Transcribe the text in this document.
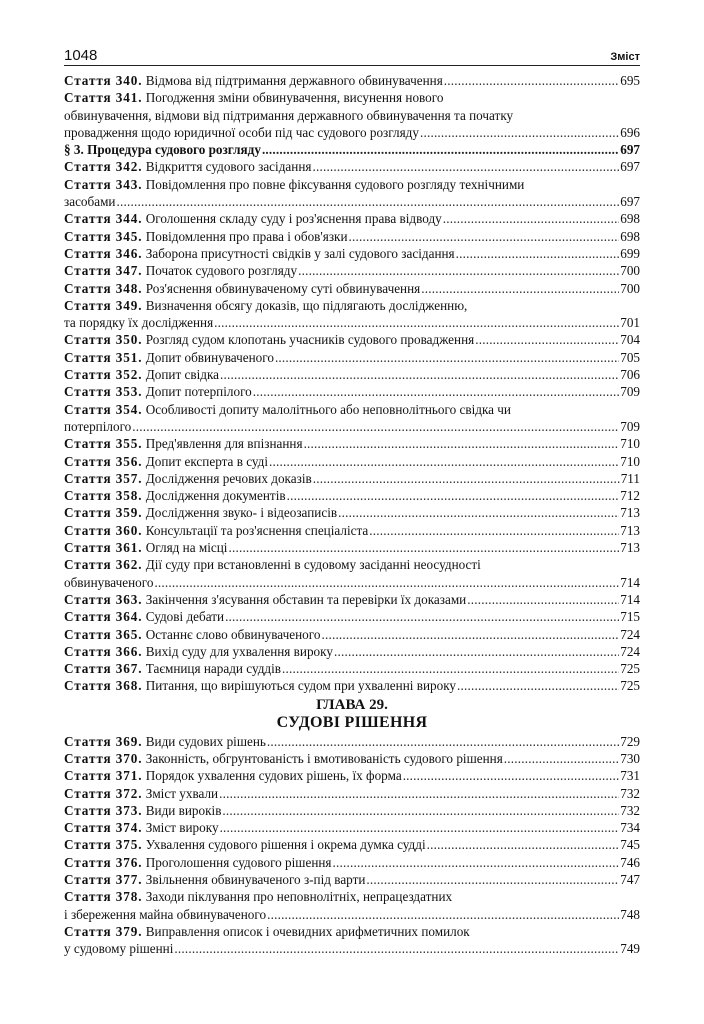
1048	Зміст
Стаття 340. Відмова від підтримання державного обвинувачення .....	695
Стаття 341. Погодження зміни обвинувачення, висунення нового
обвинувачення, відмови від підтримання державного обвинувачення та початку
провадження щодо юридичної особи під час судового розгляду .....	696
§ 3. Процедура судового розгляду .....	697
Стаття 342. Відкриття судового засідання .....	697
Стаття 343. Повідомлення про повне фіксування судового розгляду технічними
засобами .....	697
Стаття 344. Оголошення складу суду і роз'яснення права відводу .....	698
Стаття 345. Повідомлення про права і обов'язки .....	698
Стаття 346. Заборона присутності свідків у залі судового засідання .....	699
Стаття 347. Початок судового розгляду .....	700
Стаття 348. Роз'яснення обвинуваченому суті обвинувачення .....	700
Стаття 349. Визначення обсягу доказів, що підлягають дослідженню,
та порядку їх дослідження .....	701
Стаття 350. Розгляд судом клопотань учасників судового провадження .....	704
Стаття 351. Допит обвинуваченого .....	705
Стаття 352. Допит свідка .....	706
Стаття 353. Допит потерпілого .....	709
Стаття 354. Особливості допиту малолітнього або неповнолітнього свідка чи
потерпілого .....	709
Стаття 355. Пред'явлення для впізнання .....	710
Стаття 356. Допит експерта в суді .....	710
Стаття 357. Дослідження речових доказів .....	711
Стаття 358. Дослідження документів .....	712
Стаття 359. Дослідження звуко- і відеозаписів .....	713
Стаття 360. Консультації та роз'яснення спеціаліста .....	713
Стаття 361. Огляд на місці .....	713
Стаття 362. Дії суду при встановленні в судовому засіданні неосудності
обвинуваченого .....	714
Стаття 363. Закінчення з'ясування обставин та перевірки їх доказами .....	714
Стаття 364. Судові дебати .....	715
Стаття 365. Останнє слово обвинуваченого .....	724
Стаття 366. Вихід суду для ухвалення вироку .....	724
Стаття 367. Таємниця наради суддів .....	725
Стаття 368. Питання, що вирішуються судом при ухваленні вироку .....	725
ГЛАВА 29.
СУДОВІ РІШЕННЯ
Стаття 369. Види судових рішень .....	729
Стаття 370. Законність, обгрунтованість і вмотивованість судового рішення .....	730
Стаття 371. Порядок ухвалення судових рішень, їх форма .....	731
Стаття 372. Зміст ухвали .....	732
Стаття 373. Види вироків .....	732
Стаття 374. Зміст вироку .....	734
Стаття 375. Ухвалення судового рішення і окрема думка судді .....	745
Стаття 376. Проголошення судового рішення .....	746
Стаття 377. Звільнення обвинуваченого з-під варти .....	747
Стаття 378. Заходи піклування про неповнолітніх, непрацездатних
і збереження майна обвинуваченого .....	748
Стаття 379. Виправлення описок і очевидних арифметичних помилок
у судовому рішенні .....	749
